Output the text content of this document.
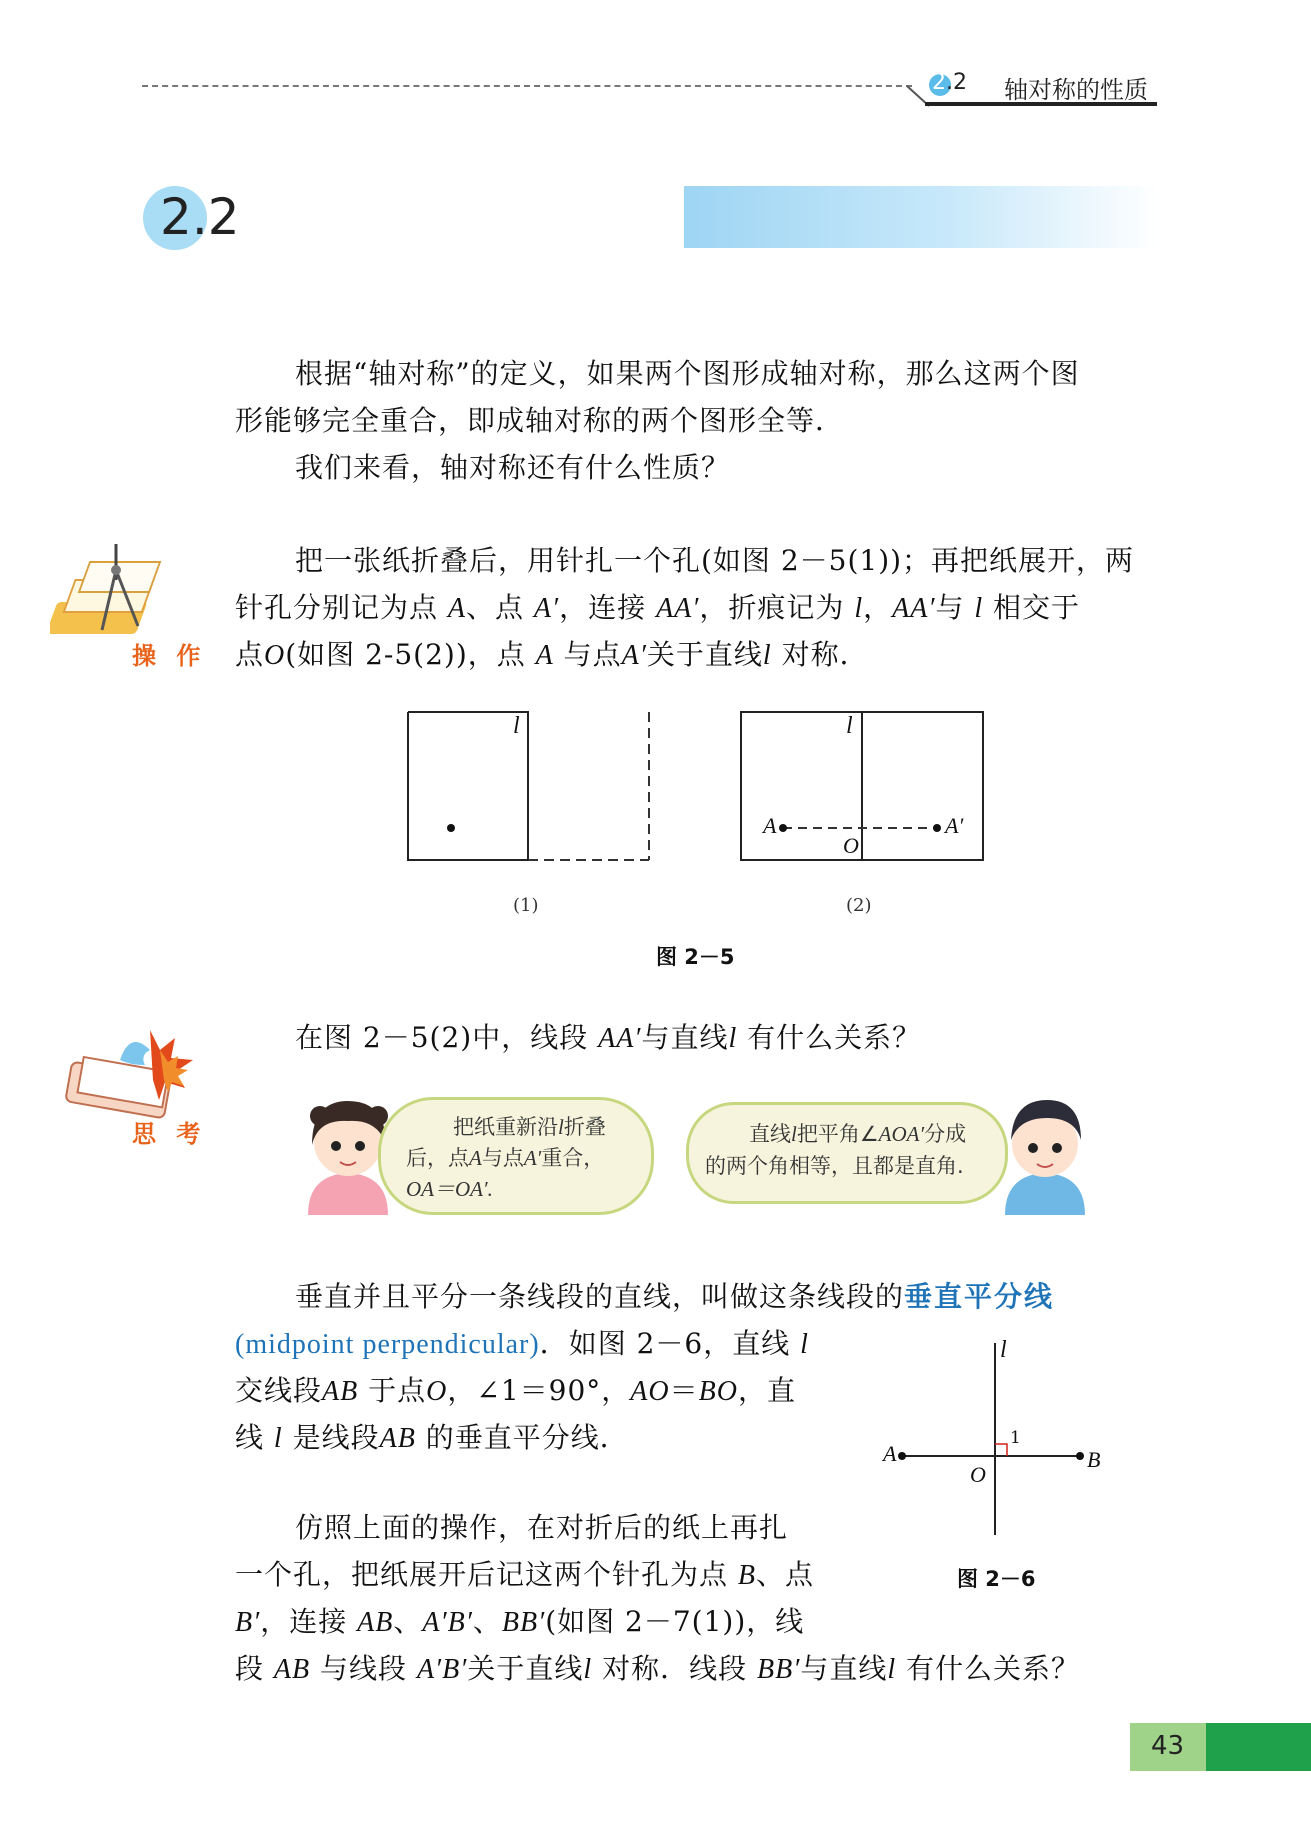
2.2 轴对称的性质
2.2
根据“轴对称”的定义，如果两个图形成轴对称，那么这两个图
形能够完全重合，即成轴对称的两个图形全等．
我们来看，轴对称还有什么性质？
操 作
把一张纸折叠后，用针扎一个孔(如图 2－5(1))；再把纸展开，两
针孔分别记为点 A、点 A′，连接 AA′，折痕记为 l，AA′与 l 相交于
点O(如图 2-5(2))，点 A 与点A′关于直线l 对称．
l	l
A	A′
O
(1)	(2)
图 2－5
思 考
在图 2－5(2)中，线段 AA′与直线l 有什么关系？
把纸重新沿l折叠
后，点A与点A′重合，
OA＝OA′.
直线l把平角∠AOA′分成
的两个角相等，且都是直角.
垂直并且平分一条线段的直线，叫做这条线段的垂直平分线
(midpoint perpendicular)．如图 2－6，直线 l
交线段AB 于点O，∠1＝90°，AO＝BO，直
线 l 是线段AB 的垂直平分线．
l
A	B
O
1
图 2－6
仿照上面的操作，在对折后的纸上再扎
一个孔，把纸展开后记这两个针孔为点 B、点
B′，连接 AB、A′B′、BB′(如图 2－7(1))，线
段 AB 与线段 A′B′关于直线l 对称．线段 BB′与直线l 有什么关系？
43
